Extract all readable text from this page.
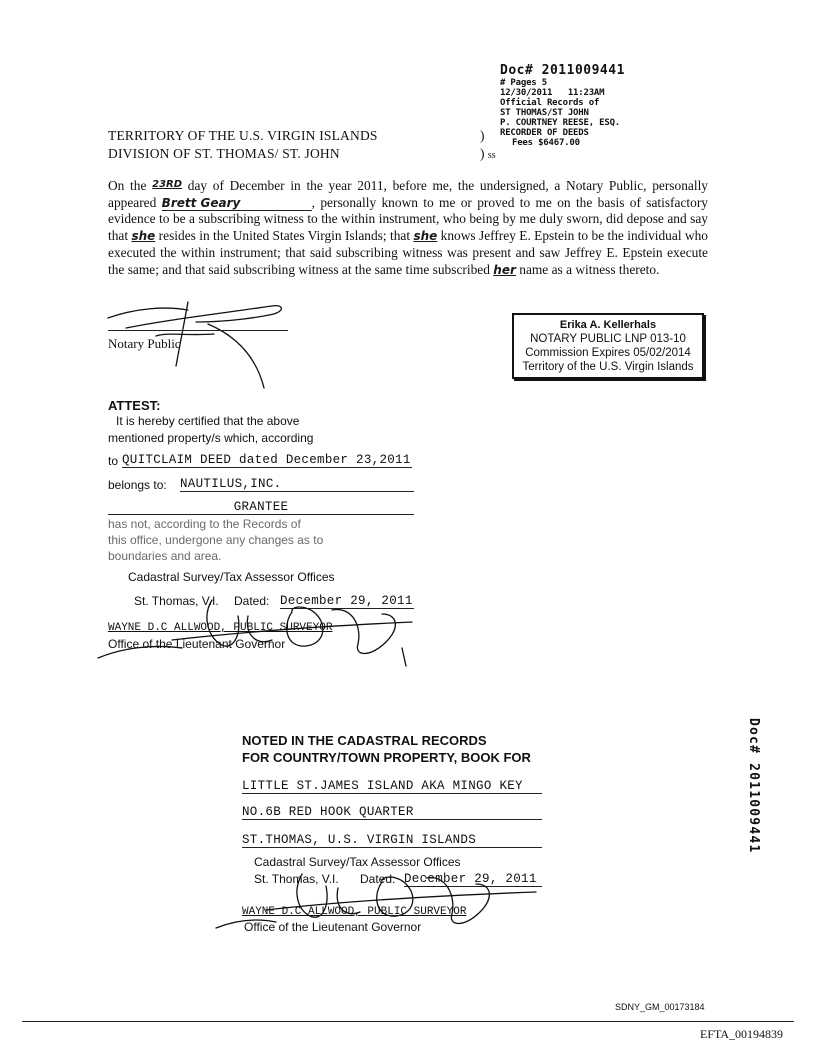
Doc# 2011009441
# Pages 5
12/30/2011   11:23AM
Official Records of
ST THOMAS/ST JOHN
P. COURTNEY REESE, ESQ.
RECORDER OF DEEDS
Fees $6467.00
TERRITORY OF THE U.S. VIRGIN ISLANDS
DIVISION OF ST. THOMAS/ ST. JOHN
)
) ss
On the $^{23RD}$ day of December in the year 2011, before me, the undersigned, a Notary Public, personally appeared Brett Geary	, personally known to me or proved to me on the basis of satisfactory evidence to be a subscribing witness to the within instrument, who being by me duly sworn, did depose and say that she resides in the United States Virgin Islands; that she knows Jeffrey E. Epstein to be the individual who executed the within instrument; that said subscribing witness was present and saw Jeffrey E. Epstein execute the same; and that said subscribing witness at the same time subscribed her name as a witness thereto.
Notary Public
Erika A. Kellerhals
NOTARY PUBLIC LNP 013-10
Commission Expires 05/02/2014
Territory of the U.S. Virgin Islands
ATTEST:
It is hereby certified that the above
mentioned property/s which, according
to QUITCLAIM DEED dated December 23,2011
belongs to: NAUTILUS,INC.
GRANTEE
has not, according to the Records of
this office, undergone any changes as to
boundaries and area.
Cadastral Survey/Tax Assessor Offices
St. Thomas, V.I. Dated: December 29, 2011
WAYNE D.C ALLWOOD, PUBLIC SURVEYOR
Office of the Lieutenant Governor
NOTED IN THE CADASTRAL RECORDS
FOR COUNTRY/TOWN PROPERTY, BOOK FOR
LITTLE ST.JAMES ISLAND AKA MINGO KEY
NO.6B RED HOOK QUARTER
ST.THOMAS, U.S. VIRGIN ISLANDS
Cadastral Survey/Tax Assessor Offices
St. Thomas, V.I. Dated: December 29, 2011
WAYNE D.C ALLWOOD, PUBLIC SURVEYOR
Office of the Lieutenant Governor
Doc# 2011009441
SDNY_GM_00173184
EFTA_00194839
